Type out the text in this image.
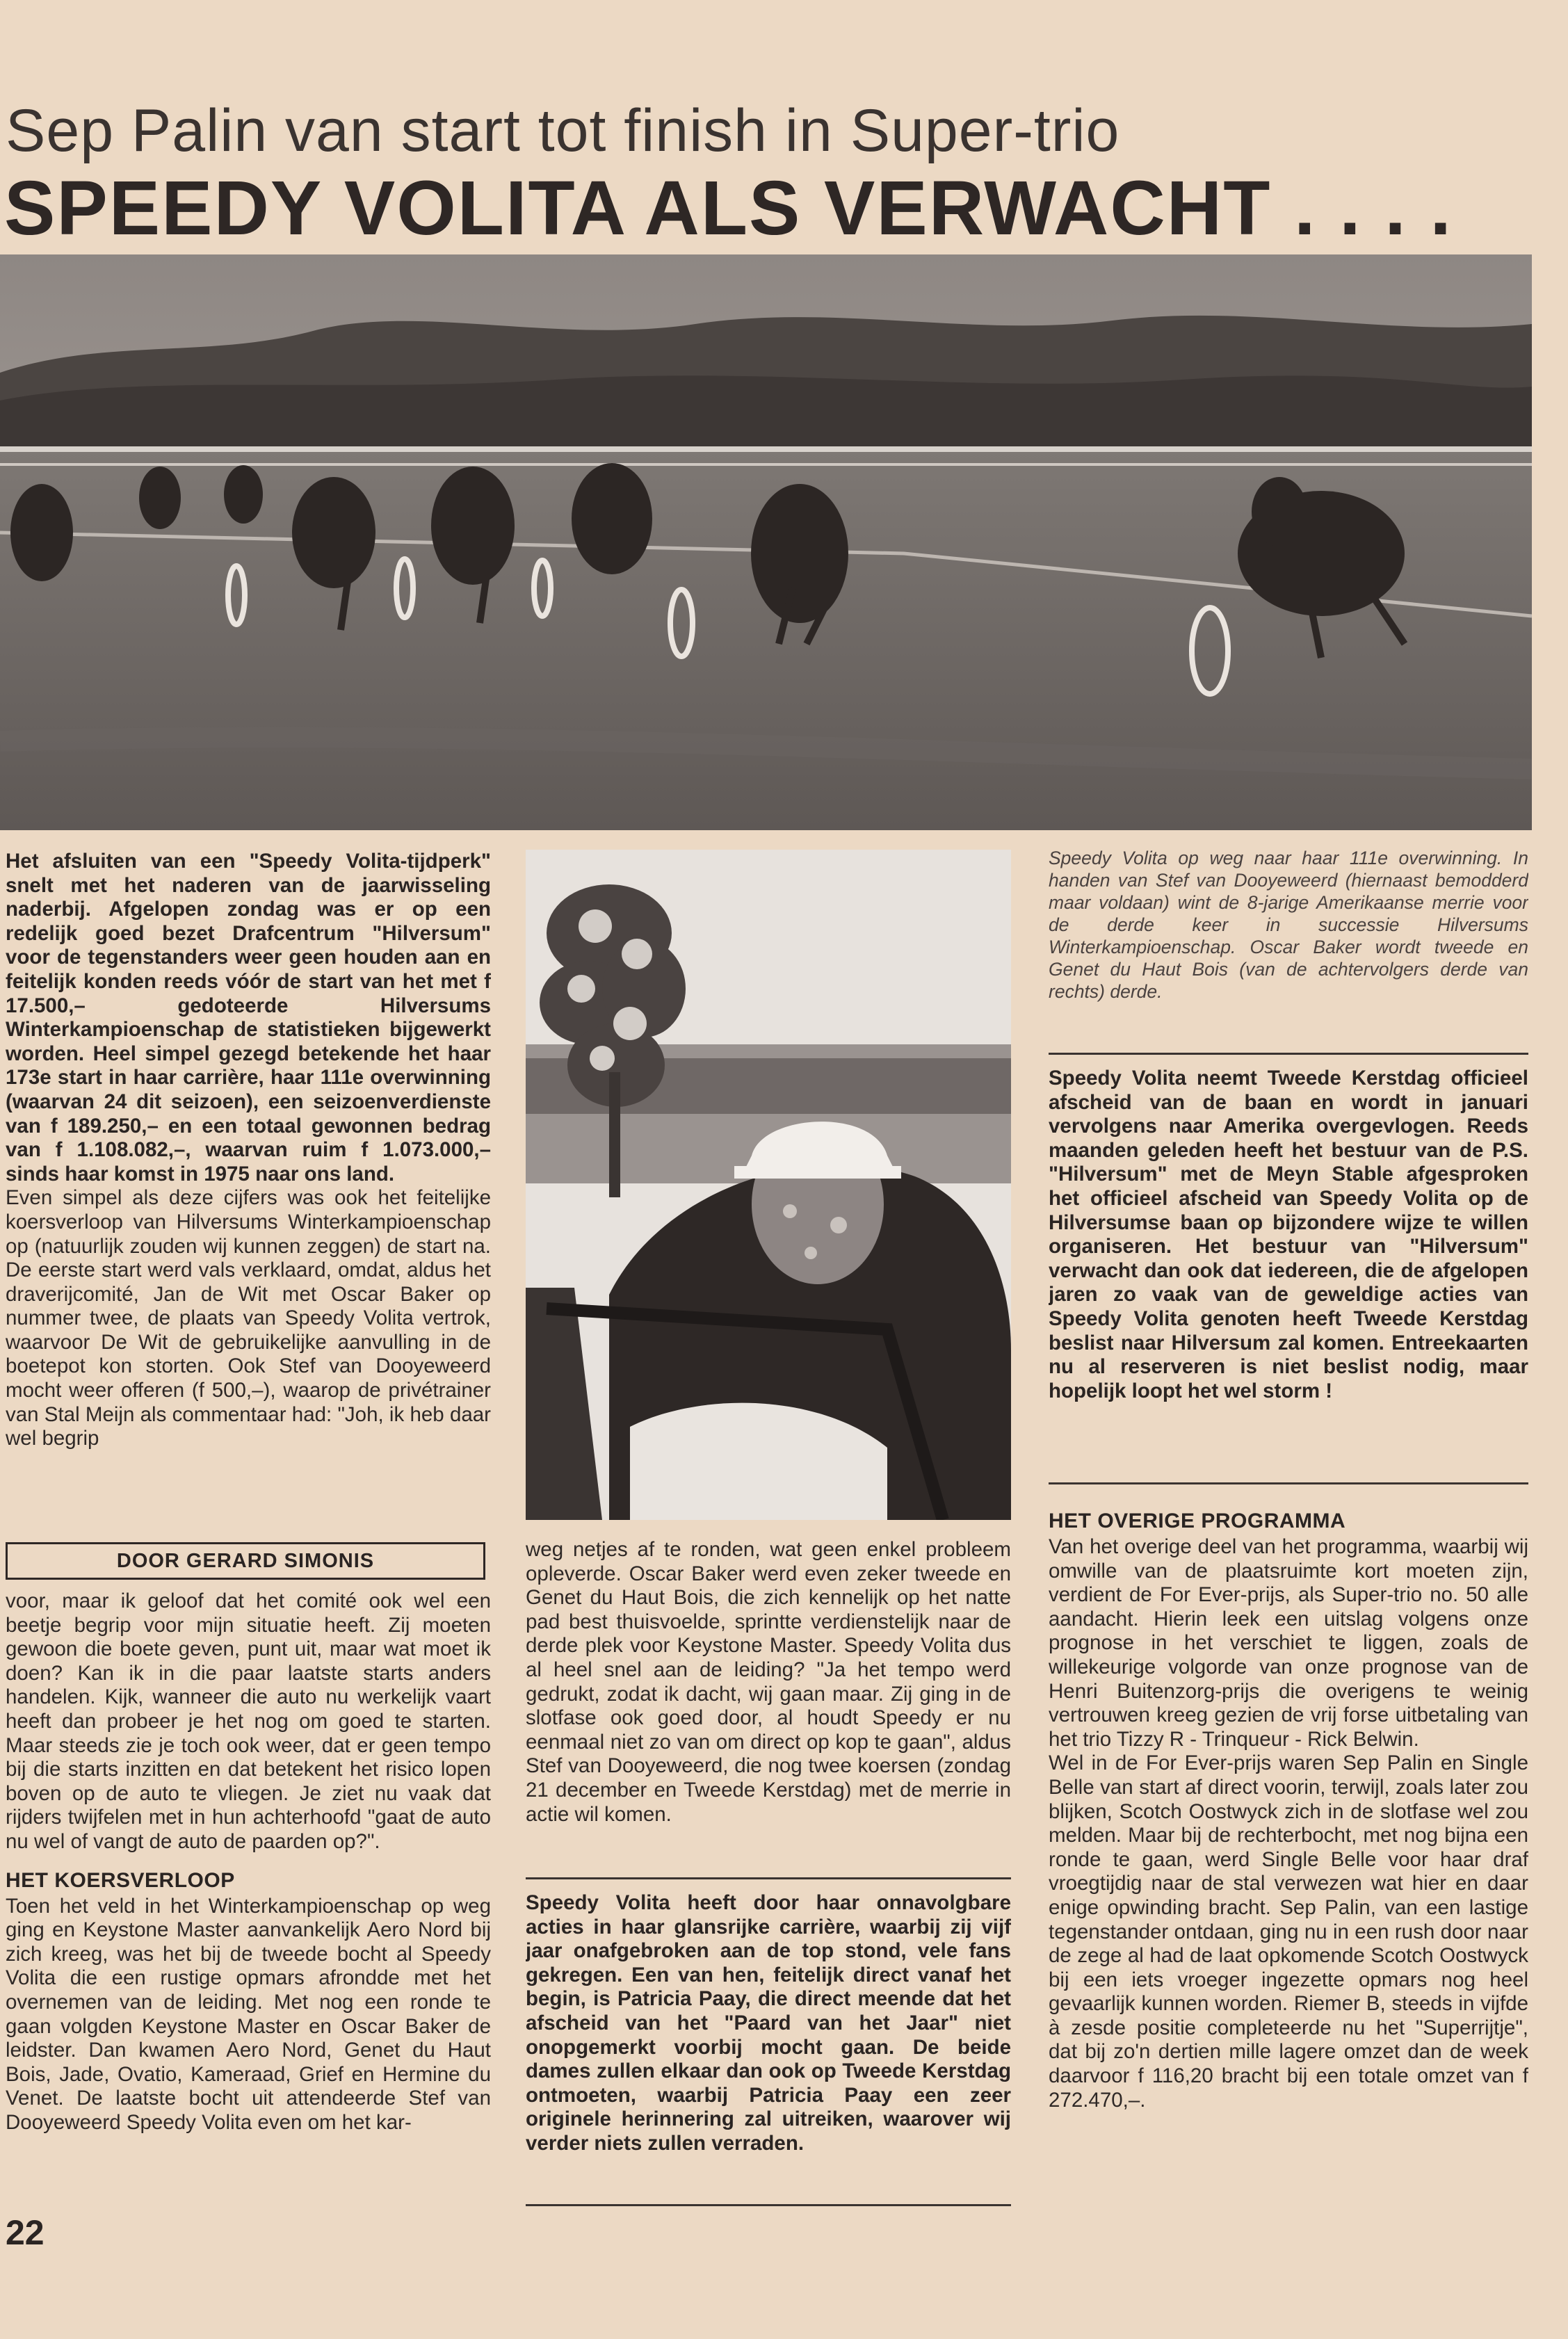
Sep Palin van start tot finish in Super-trio
SPEEDY VOLITA ALS VERWACHT . . . .

Het afsluiten van een "Speedy Volita-tijdperk" snelt met het naderen van de jaarwisseling naderbij. Afgelopen zondag was er op een redelijk goed bezet Drafcentrum "Hilversum" voor de tegenstanders weer geen houden aan en feitelijk konden reeds vóór de start van het met f 17.500,– gedoteerde Hilversums Winterkampioenschap de statistieken bijgewerkt worden. Heel simpel gezegd betekende het haar 173e start in haar carrière, haar 111e overwinning (waarvan 24 dit seizoen), een seizoenverdienste van f 189.250,– en een totaal gewonnen bedrag van f 1.108.082,–, waarvan ruim f 1.073.000,– sinds haar komst in 1975 naar ons land.

Even simpel als deze cijfers was ook het feitelijke koersverloop van Hilversums Winterkampioenschap op (natuurlijk zouden wij kunnen zeggen) de start na. De eerste start werd vals verklaard, omdat, aldus het draverijcomité, Jan de Wit met Oscar Baker op nummer twee, de plaats van Speedy Volita vertrok, waarvoor De Wit de gebruikelijke aanvulling in de boetepot kon storten. Ook Stef van Dooyeweerd mocht weer offeren (f 500,–), waarop de privétrainer van Stal Meijn als commentaar had: "Joh, ik heb daar wel begrip

DOOR GERARD SIMONIS

voor, maar ik geloof dat het comité ook wel een beetje begrip voor mijn situatie heeft. Zij moeten gewoon die boete geven, punt uit, maar wat moet ik doen? Kan ik in die paar laatste starts anders handelen. Kijk, wanneer die auto nu werkelijk vaart heeft dan probeer je het nog om goed te starten. Maar steeds zie je toch ook weer, dat er geen tempo bij die starts inzitten en dat betekent het risico lopen boven op de auto te vliegen. Je ziet nu vaak dat rijders twijfelen met in hun achterhoofd "gaat de auto nu wel of vangt de auto de paarden op?".

HET KOERSVERLOOP

Toen het veld in het Winterkampioenschap op weg ging en Keystone Master aanvankelijk Aero Nord bij zich kreeg, was het bij de tweede bocht al Speedy Volita die een rustige opmars afrondde met het overnemen van de leiding. Met nog een ronde te gaan volgden Keystone Master en Oscar Baker de leidster. Dan kwamen Aero Nord, Genet du Haut Bois, Jade, Ovatio, Kameraad, Grief en Hermine du Venet. De laatste bocht uit attendeerde Stef van Dooyeweerd Speedy Volita even om het kar-

weg netjes af te ronden, wat geen enkel probleem opleverde. Oscar Baker werd even zeker tweede en Genet du Haut Bois, die zich kennelijk op het natte pad best thuisvoelde, sprintte verdienstelijk naar de derde plek voor Keystone Master. Speedy Volita dus al heel snel aan de leiding? "Ja het tempo werd gedrukt, zodat ik dacht, wij gaan maar. Zij ging in de slotfase ook goed door, al houdt Speedy er nu eenmaal niet zo van om direct op kop te gaan", aldus Stef van Dooyeweerd, die nog twee koersen (zondag 21 december en Tweede Kerstdag) met de merrie in actie wil komen.

Speedy Volita heeft door haar onnavolgbare acties in haar glansrijke carrière, waarbij zij vijf jaar onafgebroken aan de top stond, vele fans gekregen. Een van hen, feitelijk direct vanaf het begin, is Patricia Paay, die direct meende dat het afscheid van het "Paard van het Jaar" niet onopgemerkt voorbij mocht gaan. De beide dames zullen elkaar dan ook op Tweede Kerstdag ontmoeten, waarbij Patricia Paay een zeer originele herinnering zal uitreiken, waarover wij verder niets zullen verraden.

Speedy Volita op weg naar haar 111e overwinning. In handen van Stef van Dooyeweerd (hiernaast bemodderd maar voldaan) wint de 8-jarige Amerikaanse merrie voor de derde keer in successie Hilversums Winterkampioenschap. Oscar Baker wordt tweede en Genet du Haut Bois (van de achtervolgers derde van rechts) derde.

Speedy Volita neemt Tweede Kerstdag officieel afscheid van de baan en wordt in januari vervolgens naar Amerika overgevlogen. Reeds maanden geleden heeft het bestuur van de P.S. "Hilversum" met de Meyn Stable afgesproken het officieel afscheid van Speedy Volita op de Hilversumse baan op bijzondere wijze te willen organiseren. Het bestuur van "Hilversum" verwacht dan ook dat iedereen, die de afgelopen jaren zo vaak van de geweldige acties van Speedy Volita genoten heeft Tweede Kerstdag beslist naar Hilversum zal komen. Entreekaarten nu al reserveren is niet beslist nodig, maar hopelijk loopt het wel storm !

HET OVERIGE PROGRAMMA

Van het overige deel van het programma, waarbij wij omwille van de plaatsruimte kort moeten zijn, verdient de For Ever-prijs, als Super-trio no. 50 alle aandacht. Hierin leek een uitslag volgens onze prognose in het verschiet te liggen, zoals de willekeurige volgorde van onze prognose van de Henri Buitenzorg-prijs die overigens te weinig vertrouwen kreeg gezien de vrij forse uitbetaling van het trio Tizzy R - Trinqueur - Rick Belwin.

Wel in de For Ever-prijs waren Sep Palin en Single Belle van start af direct voorin, terwijl, zoals later zou blijken, Scotch Oostwyck zich in de slotfase wel zou melden. Maar bij de rechterbocht, met nog bijna een ronde te gaan, werd Single Belle voor haar draf vroegtijdig naar de stal verwezen wat hier en daar enige opwinding bracht. Sep Palin, van een lastige tegenstander ontdaan, ging nu in een rush door naar de zege al had de laat opkomende Scotch Oostwyck bij een iets vroeger ingezette opmars nog heel gevaarlijk kunnen worden. Riemer B, steeds in vijfde à zesde positie completeerde nu het "Superrijtje", dat bij zo'n dertien mille lagere omzet dan de week daarvoor f 116,20 bracht bij een totale omzet van f 272.470,–.

22
